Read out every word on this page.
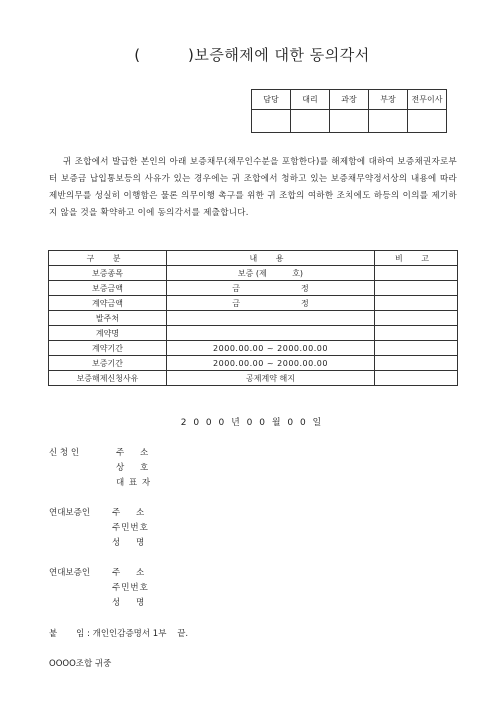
(         )보증해제에 대한 동의각서
담당	대리	과장	부장	전무이사

귀 조합에서 발급한 본인의 아래 보증채무(채무인수분을 포함한다)를 해제함에 대하여 보증채권자로부터 보증금 납입통보등의 사유가 있는 경우에는 귀 조합에서 청하고 있는 보증채무약정서상의 내용에 따라 제반의무를 성실히 이행함은 물론 의무이행 촉구를 위한 귀 조합의 여하한 조치에도 하등의 이의를 제기하지 않을 것을 확약하고 이에 동의각서를 제출합니다.
구 분	내 용	비 고
보증종목	보증 (제          호)	
보증금액	금                        정	
계약금액	금                        정	
발주처		
계약명		
계약기간	2000.00.00 ~ 2000.00.00	
보증기간	2000.00.00 ~ 2000.00.00	
보증해제신청사유	공제계약 해지	
2 0 0 0 년 0 0 월 0 0 일
신 청 인	주    소
상    호
대 표 자
연대보증인	주    소
주민번호
성    명
연대보증인	주    소
주민번호
성    명
붙       임 : 개인인감증명서 1부    끝.
OOOO조합 귀중
